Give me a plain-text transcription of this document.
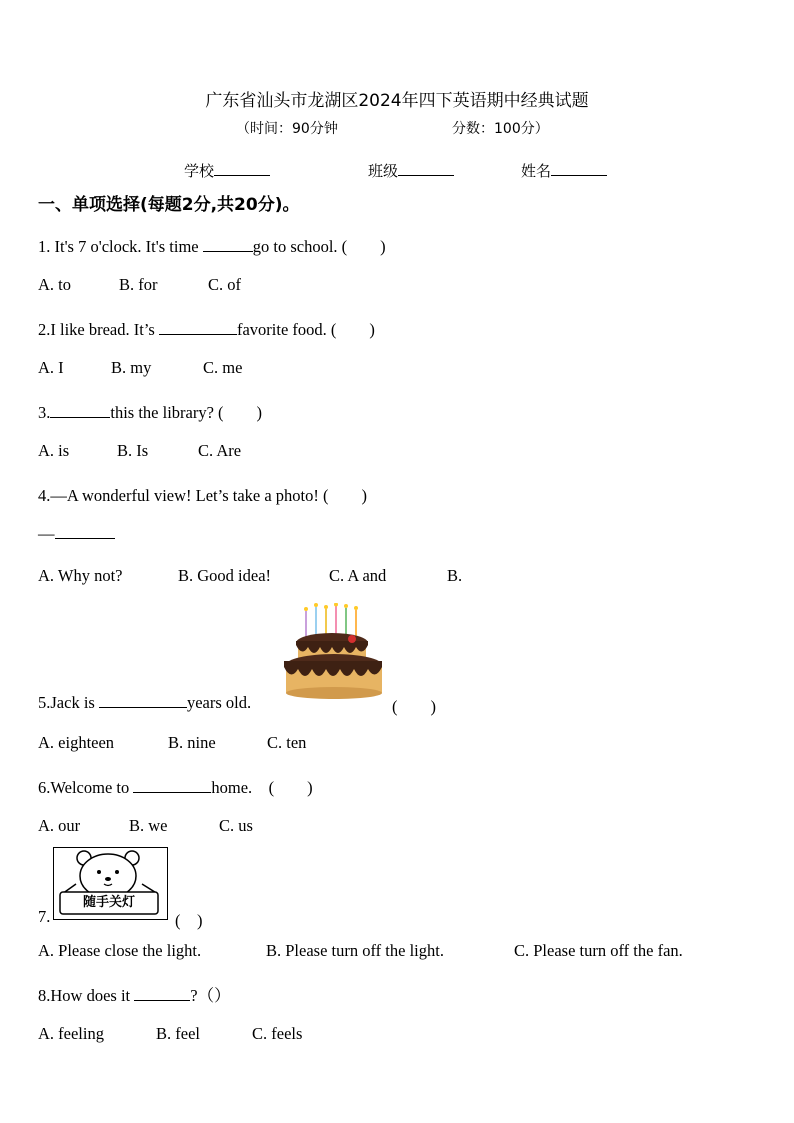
广东省汕头市龙湖区2024年四下英语期中经典试题
（时间：90分钟	分数：100分）
学校	班级	姓名
一、单项选择(每题2分,共20分)。
1. It's 7 o'clock. It's time	go to school. (　　)
A. to	B. for	C. of
2.I like bread. It’s	favorite food. (　　)
A. I	B. my	C. me
3.	this the library? (　　)
A. is	B. Is	C. Are
4.—A wonderful view! Let’s take a photo! (　　)
—
A. Why not?	B. Good idea!	C. A and	B.
5.Jack is	years old.	(　　)
A. eighteen	B. nine	C. ten
6.Welcome to	home.　(　　)
A. our	B. we	C. us
随手关灯
7.	(　)
A. Please close the light.	B. Please turn off the light.	C. Please turn off the fan.
8.How does it	?（）
A. feeling	B. feel	C. feels
